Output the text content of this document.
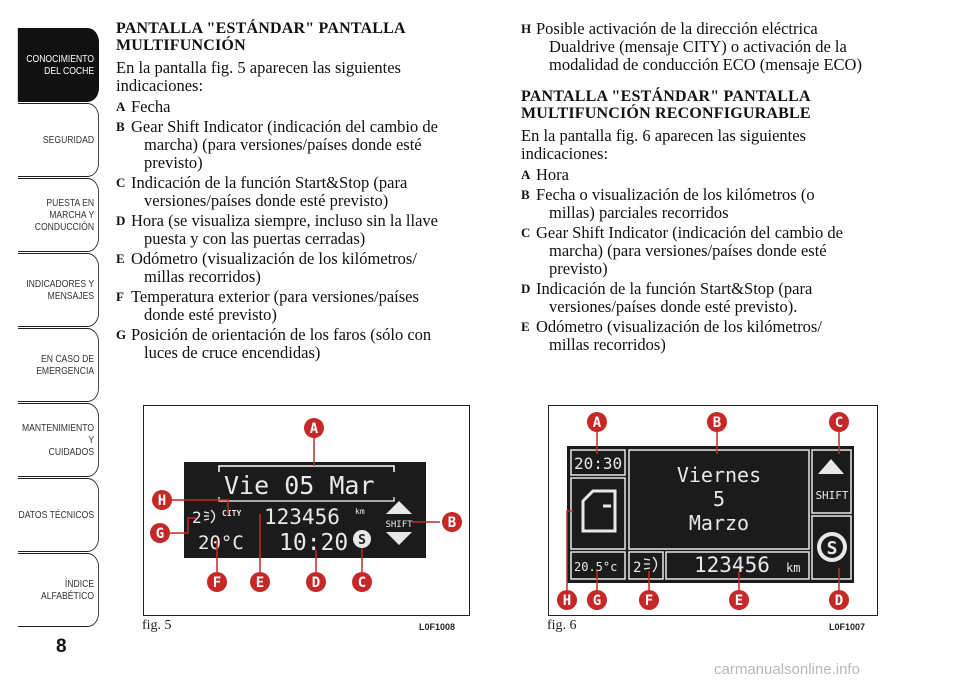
CONOCIMIENTO
DEL COCHE
SEGURIDAD
PUESTA EN
MARCHA Y
CONDUCCIÓN
INDICADORES Y
MENSAJES
EN CASO DE
EMERGENCIA
MANTENIMIENTO Y
CUIDADOS
DATOS TÉCNICOS
ÍNDICE
ALFABÉTICO
8
PANTALLA "ESTÁNDAR" PANTALLA
MULTIFUNCIÓN
En la pantalla fig. 5 aparecen las siguientes
indicaciones:
A Fecha
B Gear Shift Indicator (indicación del cambio de
marcha) (para versiones/países donde esté
previsto)
C Indicación de la función Start&Stop (para
versiones/países donde esté previsto)
D Hora (se visualiza siempre, incluso sin la llave
puesta y con las puertas cerradas)
E Odómetro (visualización de los kilómetros/
millas recorridos)
F Temperatura exterior (para versiones/países
donde esté previsto)
G Posición de orientación de los faros (sólo con
luces de cruce encendidas)
H Posible activación de la dirección eléctrica
Dualdrive (mensaje CITY) o activación de la
modalidad de conducción ECO (mensaje ECO)
PANTALLA "ESTÁNDAR" PANTALLA
MULTIFUNCIÓN RECONFIGURABLE
En la pantalla fig. 6 aparecen las siguientes
indicaciones:
A Hora
B Fecha o visualización de los kilómetros (o
millas) parciales recorridos
C Gear Shift Indicator (indicación del cambio de
marcha) (para versiones/países donde esté
previsto)
D Indicación de la función Start&Stop (para
versiones/países donde esté previsto).
E Odómetro (visualización de los kilómetros/
millas recorridos)
Vie 05 Mar
2	CITY 123456 km
20°C 10:20 S
SHIFT
A
B
C
D
E
F
G
H
fig. 5	L0F1008
20:30	Viernes
5
Marzo
SHIFT
S
20.5°c 2	123456 km
A	B	C
D
E
F
G
H
fig. 6	L0F1007
carmanualsonline.info
